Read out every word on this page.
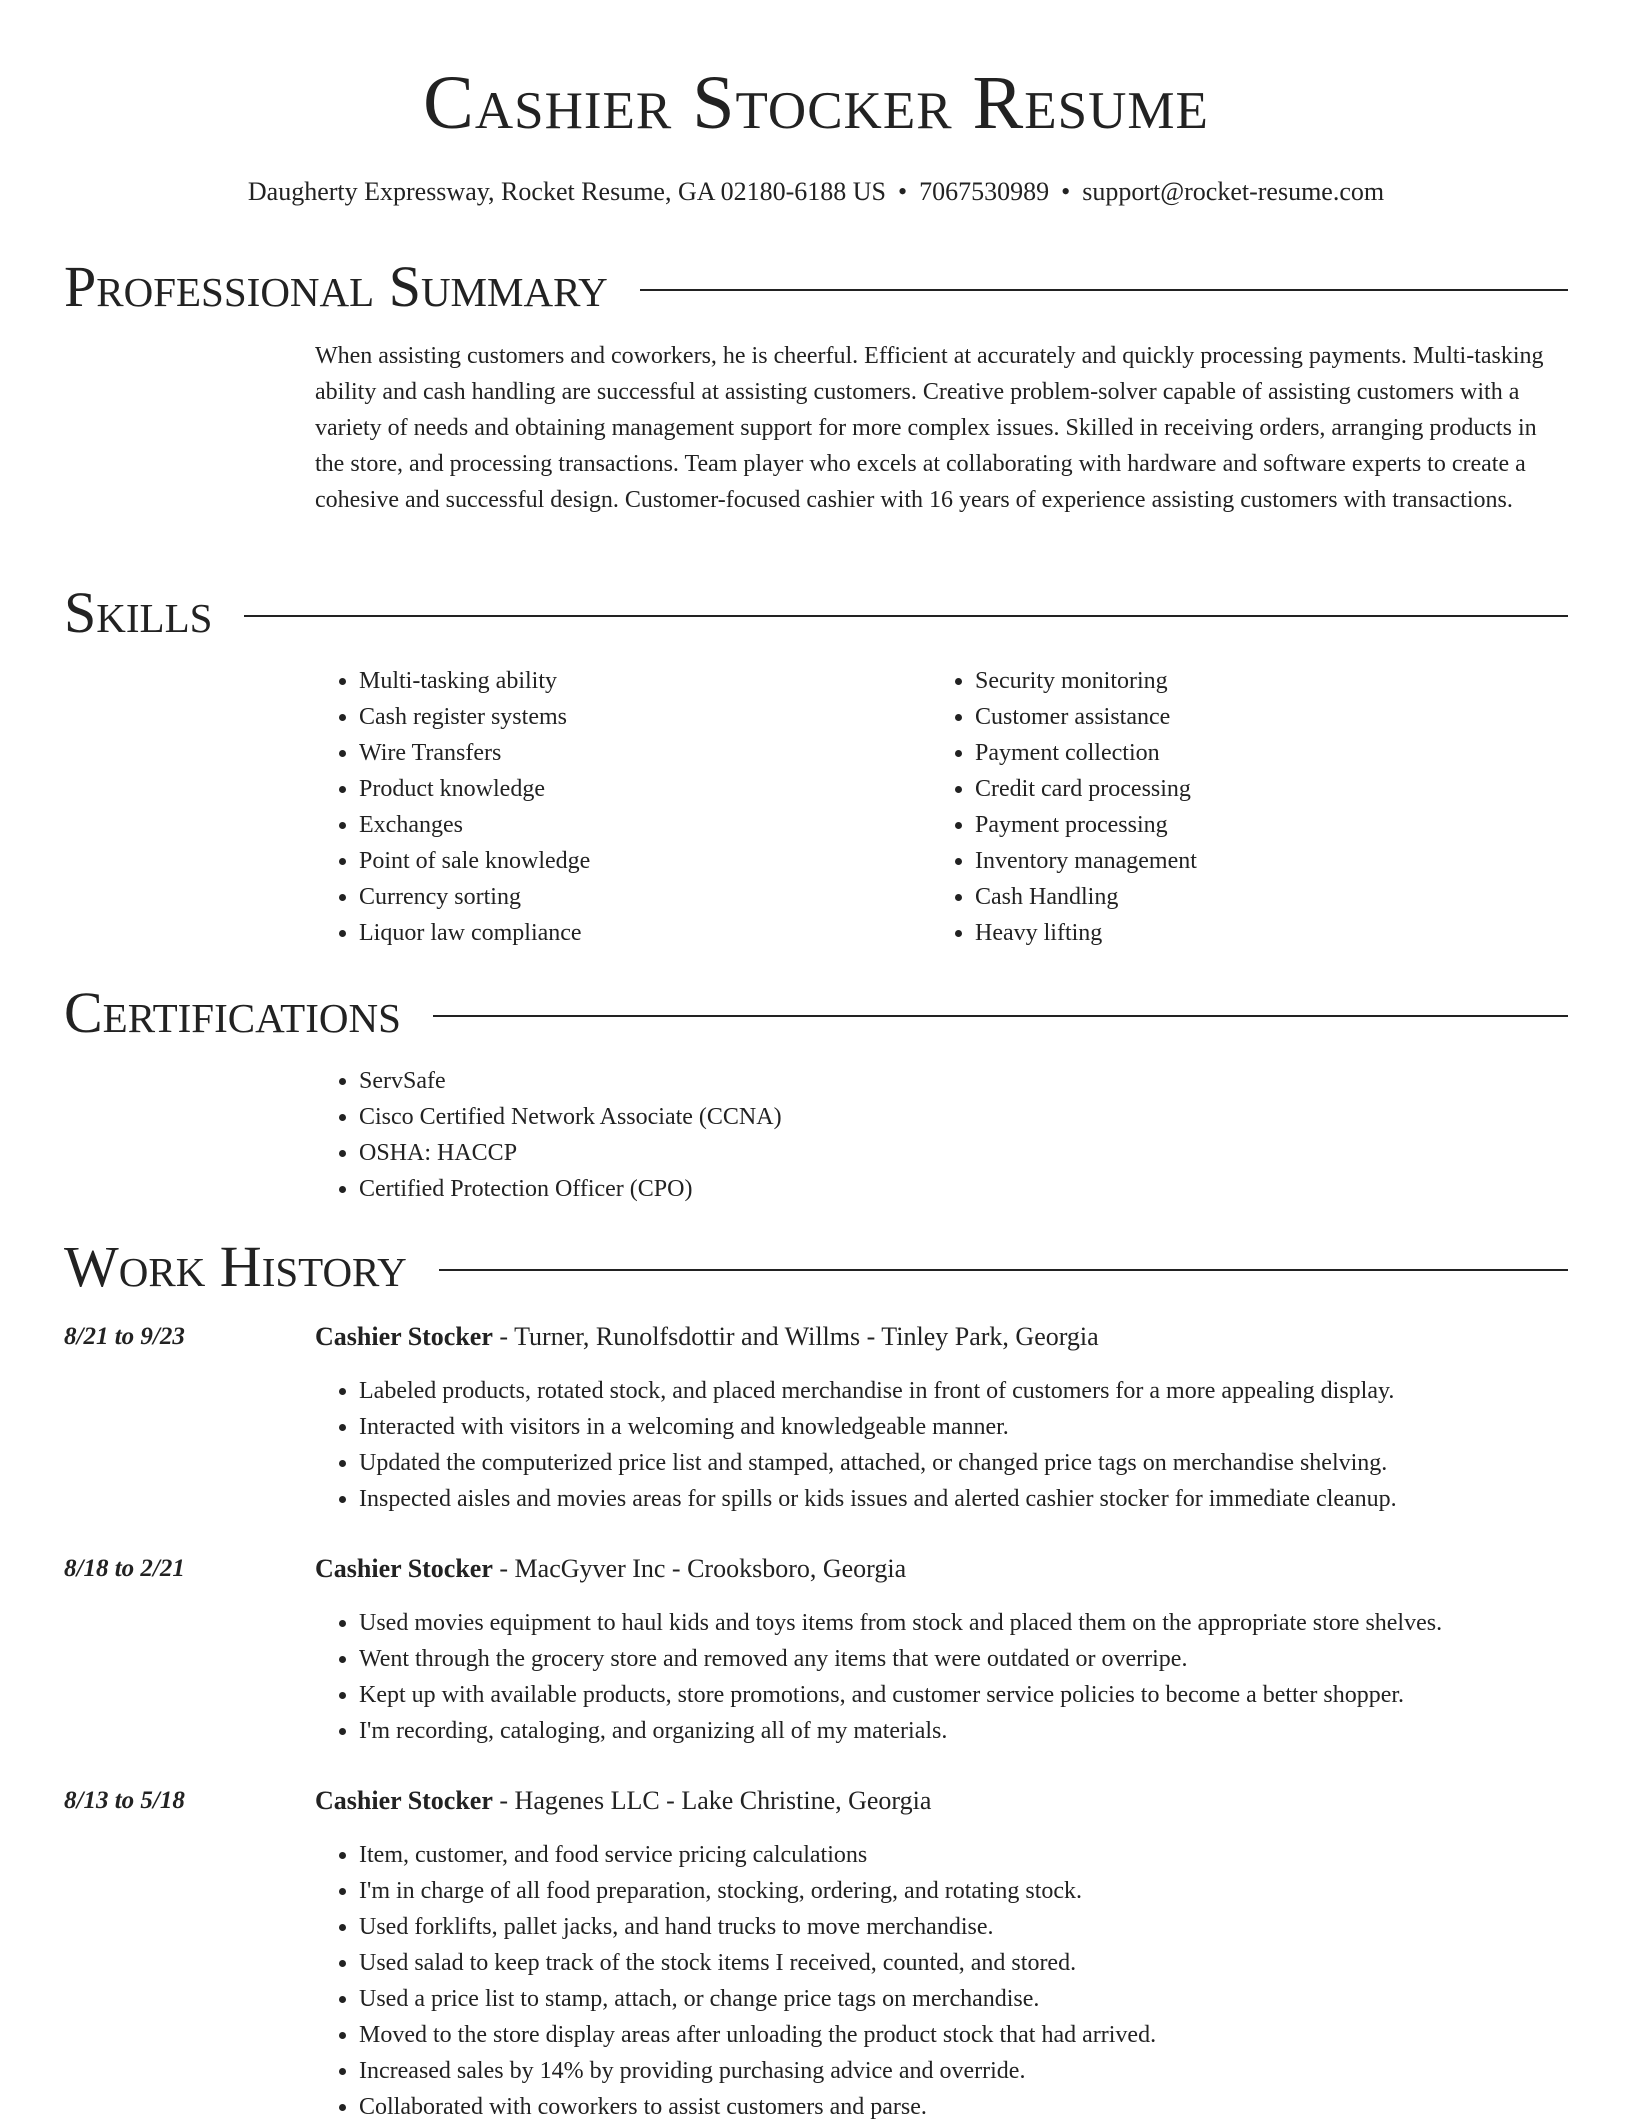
Cashier Stocker Resume
Daugherty Expressway, Rocket Resume, GA 02180-6188 US • 7067530989 • support@rocket-resume.com
Professional Summary

When assisting customers and coworkers, he is cheerful. Efficient at accurately and quickly processing payments. Multi-tasking ability and cash handling are successful at assisting customers. Creative problem-solver capable of assisting customers with a variety of needs and obtaining management support for more complex issues. Skilled in receiving orders, arranging products in the store, and processing transactions. Team player who excels at collaborating with hardware and software experts to create a cohesive and successful design. Customer-focused cashier with 16 years of experience assisting customers with transactions.

Skills
• Multi-tasking ability
• Cash register systems
• Wire Transfers
• Product knowledge
• Exchanges
• Point of sale knowledge
• Currency sorting
• Liquor law compliance
• Security monitoring
• Customer assistance
• Payment collection
• Credit card processing
• Payment processing
• Inventory management
• Cash Handling
• Heavy lifting
Certifications
• ServSafe
• Cisco Certified Network Associate (CCNA)
• OSHA: HACCP
• Certified Protection Officer (CPO)
Work History
8/21 to 9/23	Cashier Stocker - Turner, Runolfsdottir and Willms - Tinley Park, Georgia
• Labeled products, rotated stock, and placed merchandise in front of customers for a more appealing display.
• Interacted with visitors in a welcoming and knowledgeable manner.
• Updated the computerized price list and stamped, attached, or changed price tags on merchandise shelving.
• Inspected aisles and movies areas for spills or kids issues and alerted cashier stocker for immediate cleanup.
8/18 to 2/21	Cashier Stocker - MacGyver Inc - Crooksboro, Georgia
• Used movies equipment to haul kids and toys items from stock and placed them on the appropriate store shelves.
• Went through the grocery store and removed any items that were outdated or overripe.
• Kept up with available products, store promotions, and customer service policies to become a better shopper.
• I'm recording, cataloging, and organizing all of my materials.
8/13 to 5/18	Cashier Stocker - Hagenes LLC - Lake Christine, Georgia
• Item, customer, and food service pricing calculations
• I'm in charge of all food preparation, stocking, ordering, and rotating stock.
• Used forklifts, pallet jacks, and hand trucks to move merchandise.
• Used salad to keep track of the stock items I received, counted, and stored.
• Used a price list to stamp, attach, or change price tags on merchandise.
• Moved to the store display areas after unloading the product stock that had arrived.
• Increased sales by 14% by providing purchasing advice and override.
• Collaborated with coworkers to assist customers and parse.
